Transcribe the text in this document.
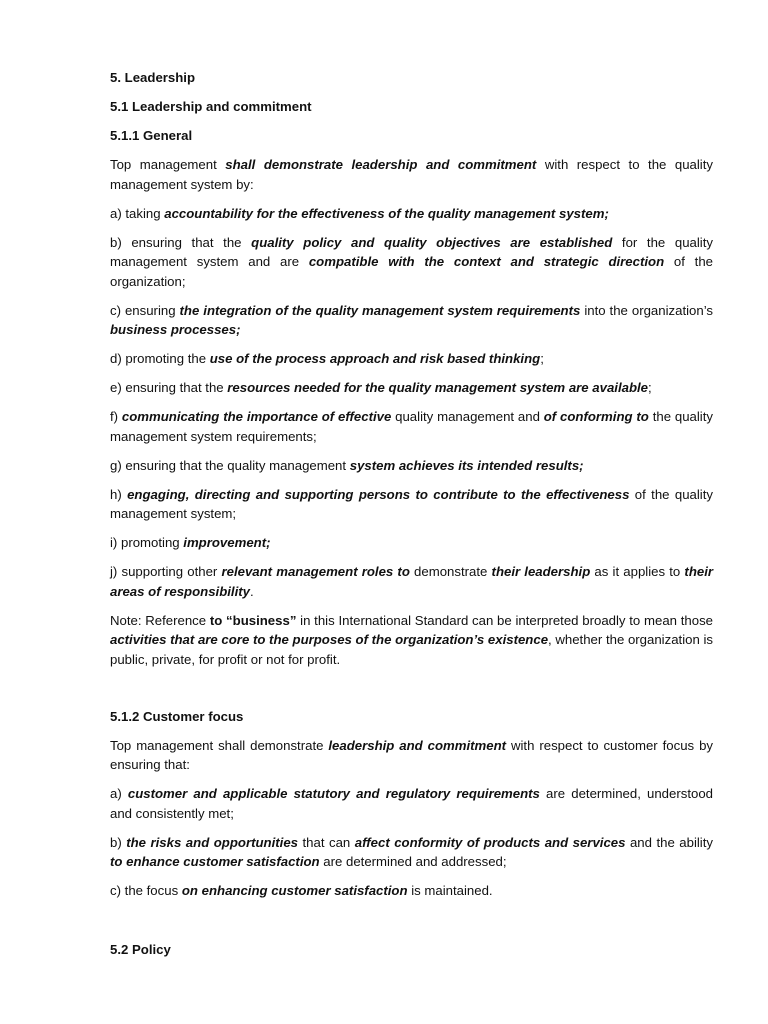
5. Leadership
5.1 Leadership and commitment
5.1.1 General

Top management shall demonstrate leadership and commitment with respect to the quality management system by:

a) taking accountability for the effectiveness of the quality management system;

b) ensuring that the quality policy and quality objectives are established for the quality management system and are compatible with the context and strategic direction of the organization;

c) ensuring the integration of the quality management system requirements into the organization’s business processes;

d) promoting the use of the process approach and risk based thinking;

e) ensuring that the resources needed for the quality management system are available;

f) communicating the importance of effective quality management and of conforming to the quality management system requirements;

g) ensuring that the quality management system achieves its intended results;

h) engaging, directing and supporting persons to contribute to the effectiveness of the quality management system;

i) promoting improvement;

j) supporting other relevant management roles to demonstrate their leadership as it applies to their areas of responsibility.

Note: Reference to “business” in this International Standard can be interpreted broadly to mean those activities that are core to the purposes of the organization’s existence, whether the organization is public, private, for profit or not for profit.

5.1.2 Customer focus

Top management shall demonstrate leadership and commitment with respect to customer focus by ensuring that:

a) customer and applicable statutory and regulatory requirements are determined, understood and consistently met;

b) the risks and opportunities that can affect conformity of products and services and the ability to enhance customer satisfaction are determined and addressed;

c) the focus on enhancing customer satisfaction is maintained.

5.2 Policy
